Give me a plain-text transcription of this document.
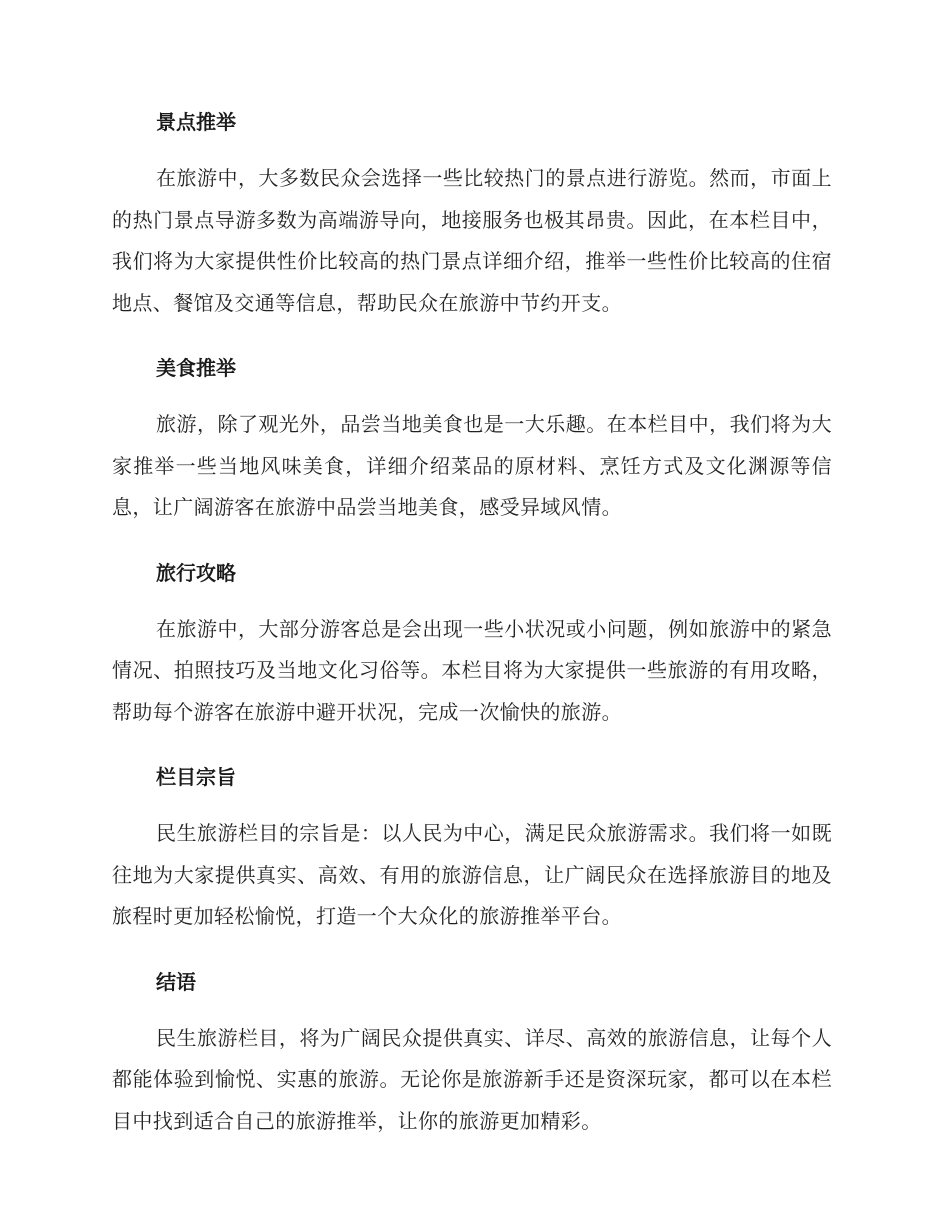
景点推举

在旅游中，大多数民众会选择一些比较热门的景点进行游览。然而，市面上的热门景点导游多数为高端游导向，地接服务也极其昂贵。因此，在本栏目中，我们将为大家提供性价比较高的热门景点详细介绍，推举一些性价比较高的住宿地点、餐馆及交通等信息，帮助民众在旅游中节约开支。

美食推举

旅游，除了观光外，品尝当地美食也是一大乐趣。在本栏目中，我们将为大家推举一些当地风味美食，详细介绍菜品的原材料、烹饪方式及文化渊源等信息，让广阔游客在旅游中品尝当地美食，感受异域风情。

旅行攻略

在旅游中，大部分游客总是会出现一些小状况或小问题，例如旅游中的紧急情况、拍照技巧及当地文化习俗等。本栏目将为大家提供一些旅游的有用攻略，帮助每个游客在旅游中避开状况，完成一次愉快的旅游。

栏目宗旨

民生旅游栏目的宗旨是：以人民为中心，满足民众旅游需求。我们将一如既往地为大家提供真实、高效、有用的旅游信息，让广阔民众在选择旅游目的地及旅程时更加轻松愉悦，打造一个大众化的旅游推举平台。

结语

民生旅游栏目，将为广阔民众提供真实、详尽、高效的旅游信息，让每个人都能体验到愉悦、实惠的旅游。无论你是旅游新手还是资深玩家，都可以在本栏目中找到适合自己的旅游推举，让你的旅游更加精彩。
